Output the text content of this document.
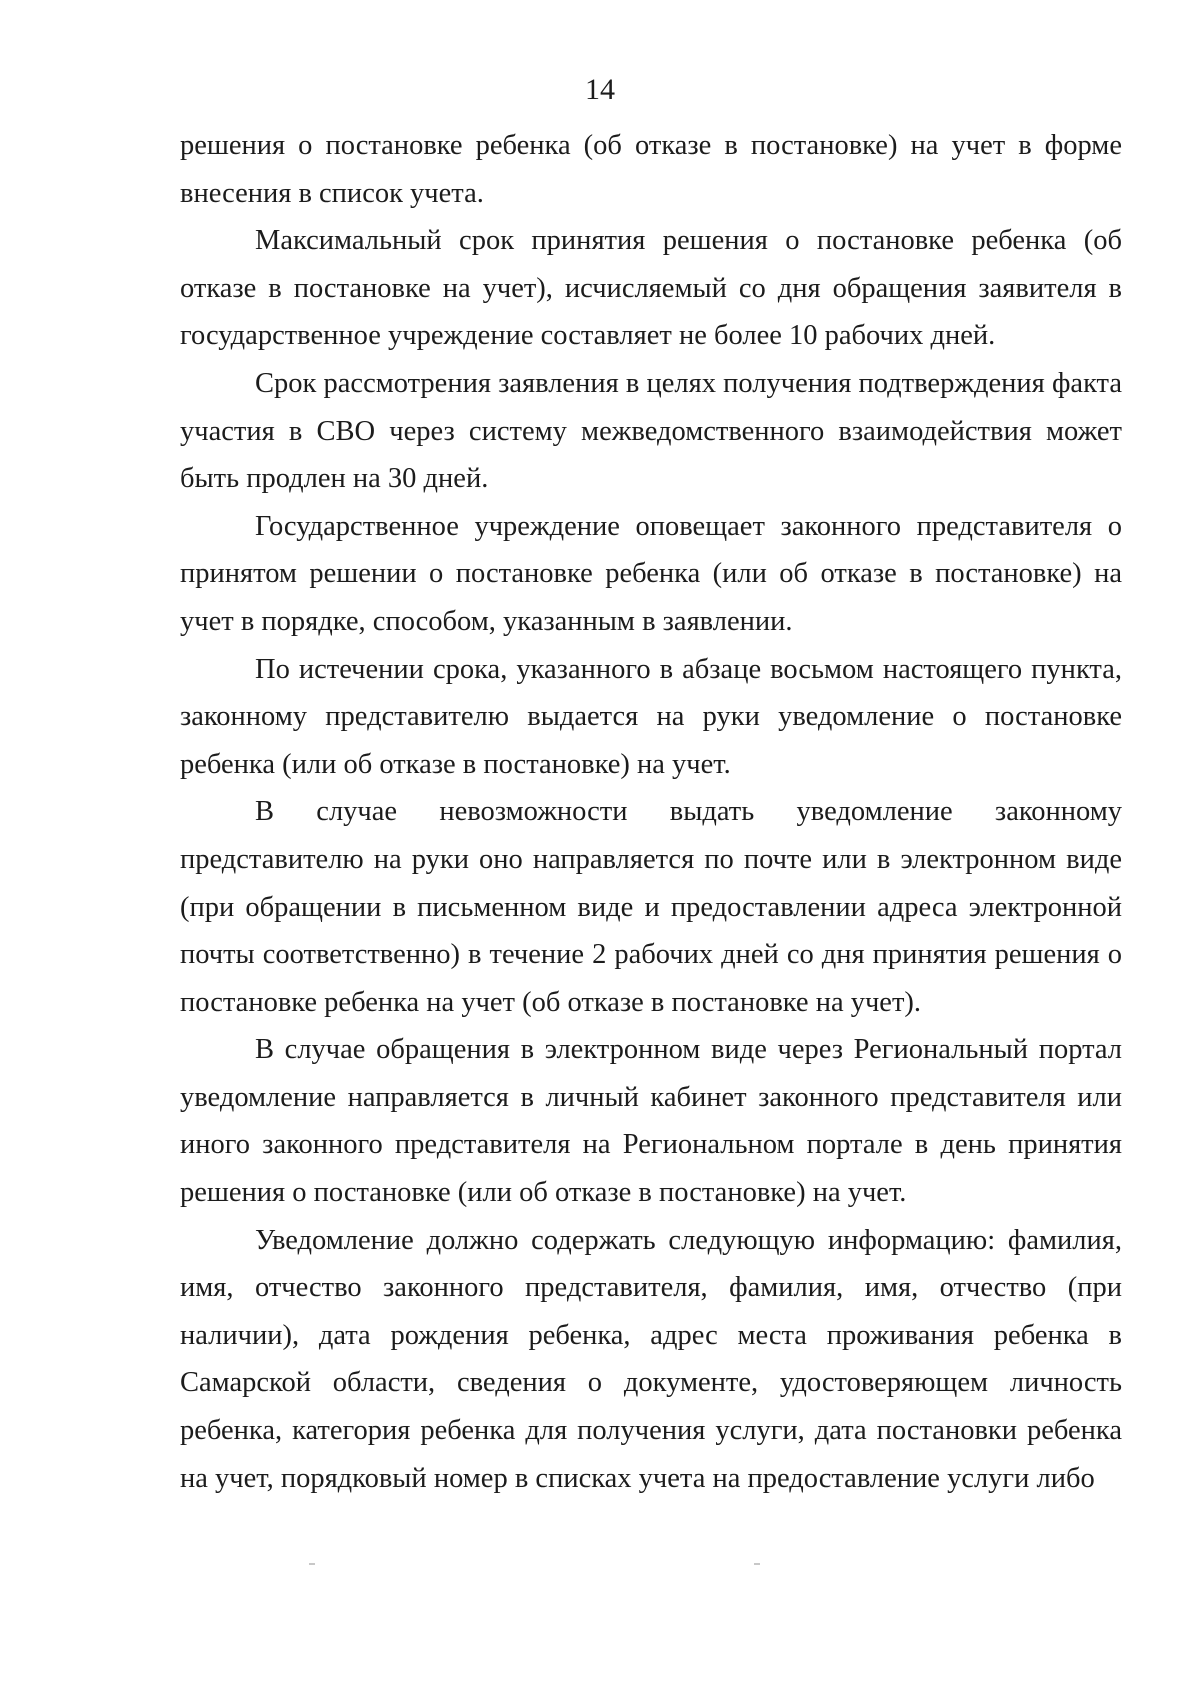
14

решения о постановке ребенка (об отказе в постановке) на учет в форме внесения в список учета.

Максимальный срок принятия решения о постановке ребенка (об отказе в постановке на учет), исчисляемый со дня обращения заявителя в государственное учреждение составляет не более 10 рабочих дней.

Срок рассмотрения заявления в целях получения подтверждения факта участия в СВО через систему межведомственного взаимодействия может быть продлен на 30 дней.

Государственное учреждение оповещает законного представителя о принятом решении о постановке ребенка (или об отказе в постановке) на учет в порядке, способом, указанным в заявлении.

По истечении срока, указанного в абзаце восьмом настоящего пункта, законному представителю выдается на руки уведомление о постановке ребенка (или об отказе в постановке) на учет.

В случае невозможности выдать уведомление законному представителю на руки оно направляется по почте или в электронном виде (при обращении в письменном виде и предоставлении адреса электронной почты соответственно) в течение 2 рабочих дней со дня принятия решения о постановке ребенка на учет (об отказе в постановке на учет).

В случае обращения в электронном виде через Региональный портал уведомление направляется в личный кабинет законного представителя или иного законного представителя на Региональном портале в день принятия решения о постановке (или об отказе в постановке) на учет.

Уведомление должно содержать следующую информацию: фамилия, имя, отчество законного представителя, фамилия, имя, отчество (при наличии), дата рождения ребенка, адрес места проживания ребенка в Самарской области, сведения о документе, удостоверяющем личность ребенка, категория ребенка для получения услуги, дата постановки ребенка на учет, порядковый номер в списках учета на предоставление услуги либо
